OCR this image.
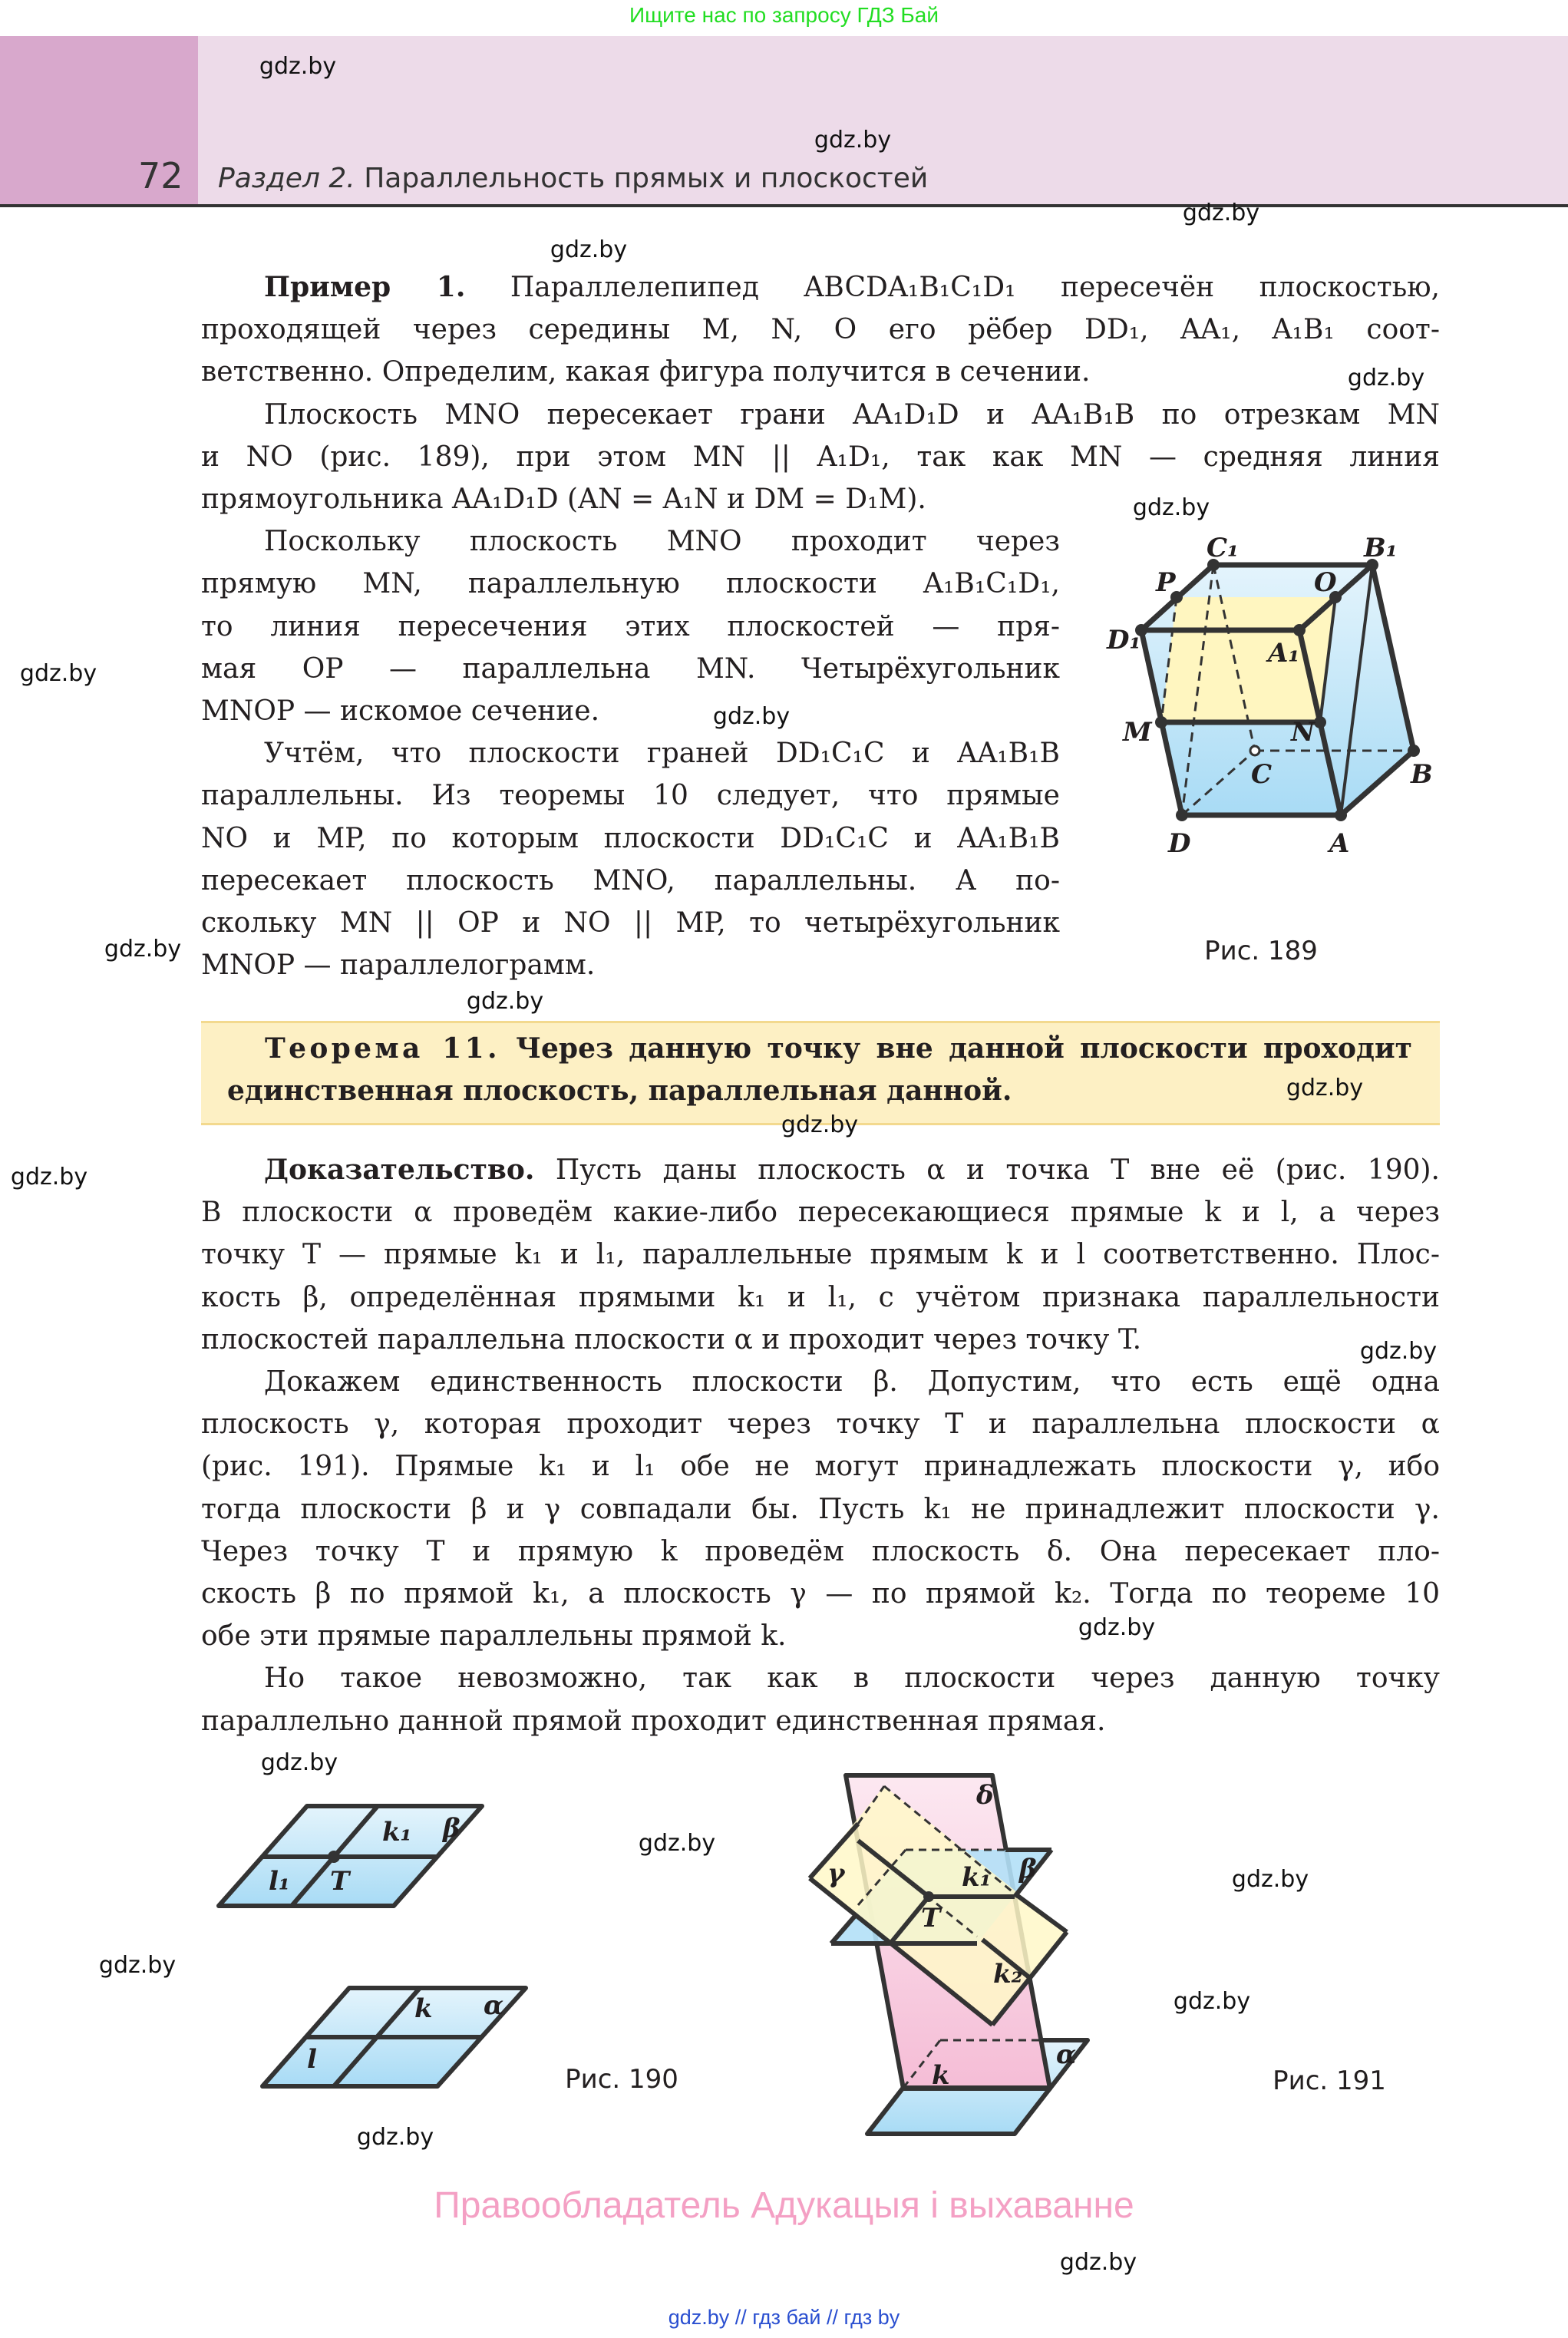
Ищите нас по запросу ГДЗ Бай
72 Раздел 2. Параллельность прямых и плоскостей
Пример 1. Параллелепипед ABCDA₁B₁C₁D₁ пересечён плоскостью,
проходящей через середины M, N, O его рёбер DD₁, AA₁, A₁B₁ соот-
ветственно. Определим, какая фигура получится в сечении.
Плоскость MNO пересекает грани AA₁D₁D и AA₁B₁B по отрезкам MN
и NO (рис. 189), при этом MN || A₁D₁, так как MN — средняя линия
прямоугольника AA₁D₁D (AN = A₁N и DM = D₁M).
Поскольку плоскость MNO проходит через
прямую MN, параллельную плоскости A₁B₁C₁D₁,
то линия пересечения этих плоскостей — пря-
мая OP — параллельна MN. Четырёхугольник
MNOP — искомое сечение.
Учтём, что плоскости граней DD₁C₁C и AA₁B₁B
параллельны. Из теоремы 10 следует, что прямые
NO и MP, по которым плоскости DD₁C₁C и AA₁B₁B
пересекает плоскость MNO, параллельны. А по-
скольку MN || OP и NO || MP, то четырёхугольник
MNOP — параллелограмм.
Теорема 11. Через данную точку вне данной плоскости проходит
единственная плоскость, параллельная данной.
Доказательство. Пусть даны плоскость α и точка T вне её (рис. 190).
В плоскости α проведём какие-либо пересекающиеся прямые k и l, а через
точку T — прямые k₁ и l₁, параллельные прямым k и l соответственно. Плос-
кость β, определённая прямыми k₁ и l₁, с учётом признака параллельности
плоскостей параллельна плоскости α и проходит через точку T.
Докажем единственность плоскости β. Допустим, что есть ещё одна
плоскость γ, которая проходит через точку T и параллельна плоскости α
(рис. 191). Прямые k₁ и l₁ обе не могут принадлежать плоскости γ, ибо
тогда плоскости β и γ совпадали бы. Пусть k₁ не принадлежит плоскости γ.
Через точку T и прямую k проведём плоскость δ. Она пересекает пло-
скость β по прямой k₁, а плоскость γ — по прямой k₂. Тогда по теореме 10
обе эти прямые параллельны прямой k.
Но такое невозможно, так как в плоскости через данную точку
параллельно данной прямой проходит единственная прямая.
C₁	B₁
P	O
D₁	A₁
M	N
C	B
D	A
Рис. 189
k₁ β
l₁ T
k α
l
Рис. 190
δ
β
γ	k₁
T
k₂
α
k	Рис. 191
gdz.by
gdz.by
gdz.by
gdz.by
gdz.by
gdz.by
gdz.by
gdz.by
gdz.by
gdz.by
gdz.by
gdz.by
gdz.by
gdz.by
gdz.by
gdz.by
gdz.by
gdz.by
gdz.by
gdz.by
gdz.by
gdz.by
Правообладатель Адукацыя і выхаванне
gdz.by // гдз бай // гдз by
